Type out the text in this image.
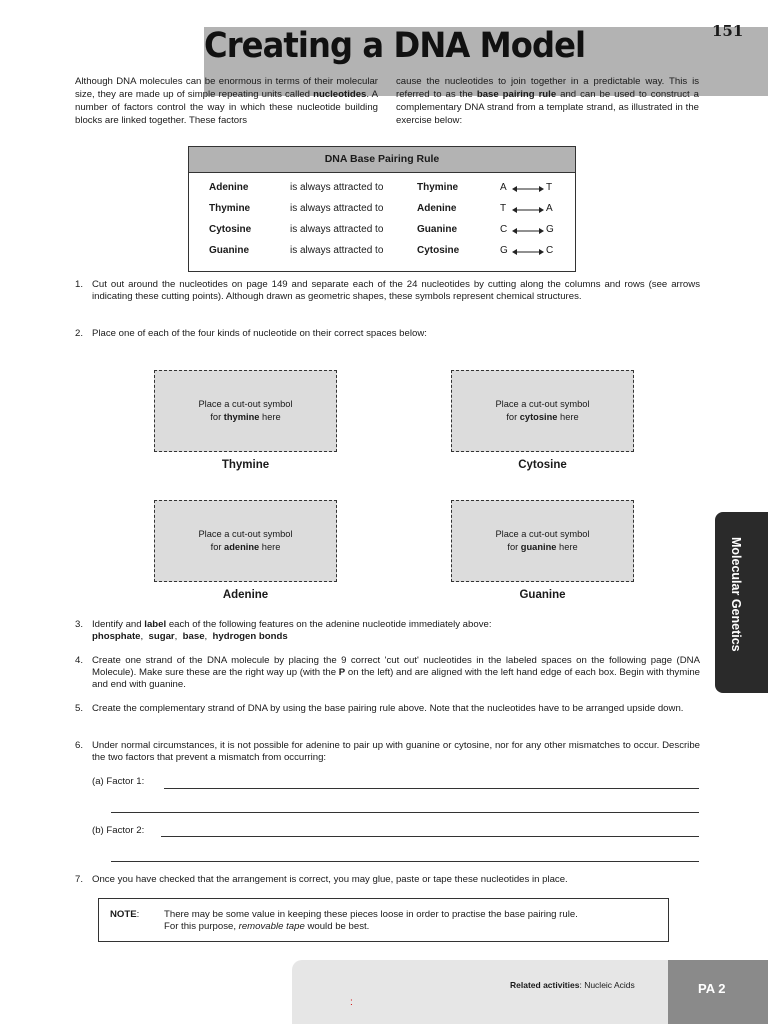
151
Creating a DNA Model
Although DNA molecules can be enormous in terms of their molecular size, they are made up of simple repeating units called nucleotides. A number of factors control the way in which these nucleotide building blocks are linked together. These factors
cause the nucleotides to join together in a predictable way. This is referred to as the base pairing rule and can be used to construct a complementary DNA strand from a template strand, as illustrated in the exercise below:
DNA Base Pairing Rule
Adenine	is always attracted to	Thymine	A	T
Thymine	is always attracted to	Adenine	T	A
Cytosine	is always attracted to	Guanine	C	G
Guanine	is always attracted to	Cytosine	G	C
1. Cut out around the nucleotides on page 149 and separate each of the 24 nucleotides by cutting along the columns and rows (see arrows indicating these cutting points). Although drawn as geometric shapes, these symbols represent chemical structures.
2. Place one of each of the four kinds of nucleotide on their correct spaces below:
Place a cut-out symbol
for thymine here
Thymine
Place a cut-out symbol
for cytosine here
Cytosine
Place a cut-out symbol
for adenine here
Adenine
Place a cut-out symbol
for guanine here
Guanine
3. Identify and label each of the following features on the adenine nucleotide immediately above:
phosphate,  sugar,  base,  hydrogen bonds
4. Create one strand of the DNA molecule by placing the 9 correct 'cut out' nucleotides in the labeled spaces on the following page (DNA Molecule). Make sure these are the right way up (with the P on the left) and are aligned with the left hand edge of each box. Begin with thymine and end with guanine.
5. Create the complementary strand of DNA by using the base pairing rule above. Note that the nucleotides have to be arranged upside down.
6. Under normal circumstances, it is not possible for adenine to pair up with guanine or cytosine, nor for any other mismatches to occur. Describe the two factors that prevent a mismatch from occurring:
(a) Factor 1:
(b) Factor 2:
7. Once you have checked that the arrangement is correct, you may glue, paste or tape these nucleotides in place.
NOTE:	There may be some value in keeping these pieces loose in order to practise the base pairing rule.
For this purpose, removable tape would be best.
Molecular Genetics
Related activities: Nucleic Acids
:
PA 2
